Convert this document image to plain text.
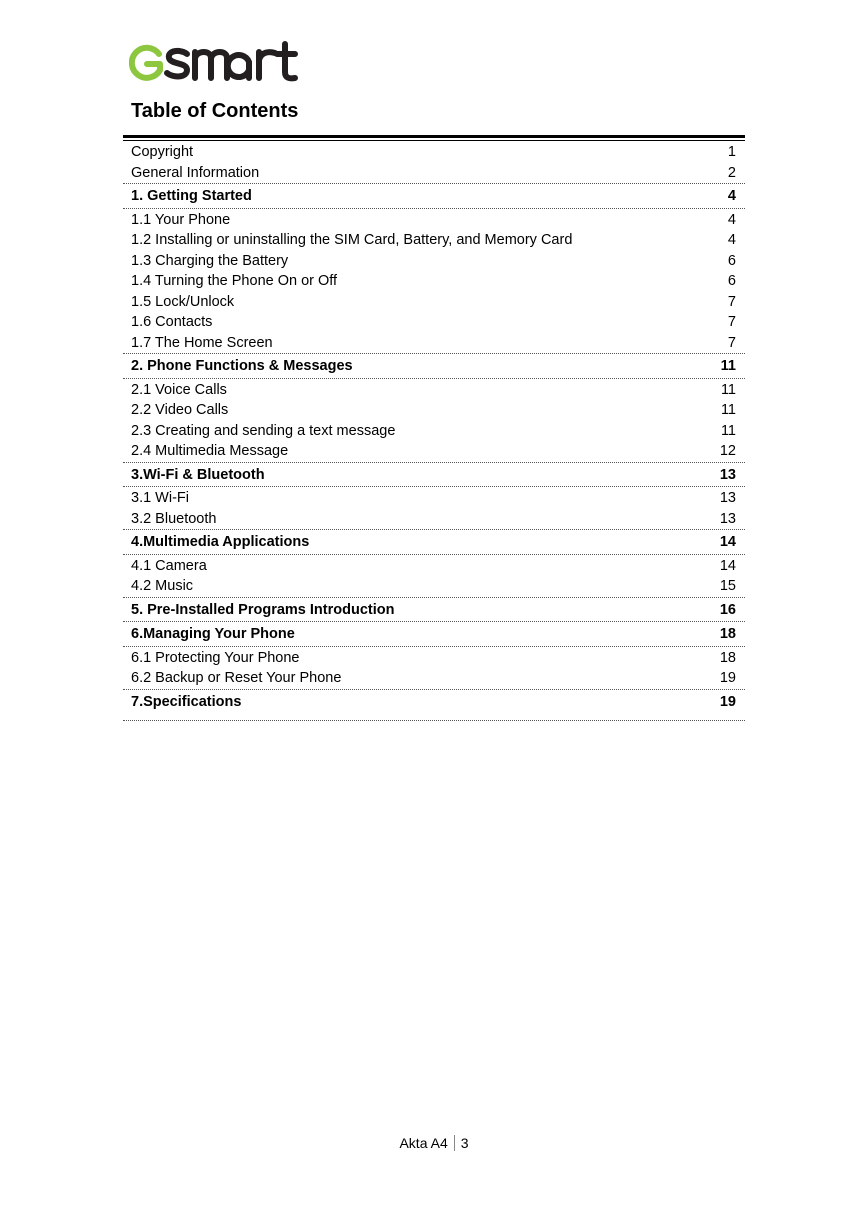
Table of Contents
Copyright	1
General Information	2
1. Getting Started	4
1.1 Your Phone	4
1.2 Installing or uninstalling the SIM Card, Battery, and Memory Card	4
1.3 Charging the Battery	6
1.4 Turning the Phone On or Off	6
1.5 Lock/Unlock	7
1.6 Contacts	7
1.7 The Home Screen	7
2. Phone Functions & Messages	11
2.1 Voice Calls	11
2.2 Video Calls	11
2.3 Creating and sending a text message	11
2.4 Multimedia Message	12
3.Wi-Fi & Bluetooth	13
3.1 Wi-Fi	13
3.2 Bluetooth	13
4.Multimedia Applications	14
4.1 Camera	14
4.2 Music	15
5. Pre-Installed Programs Introduction	16
6.Managing Your Phone	18
6.1 Protecting Your Phone	18
6.2 Backup or Reset Your Phone	19
7.Specifications	19
Akta A4 3
